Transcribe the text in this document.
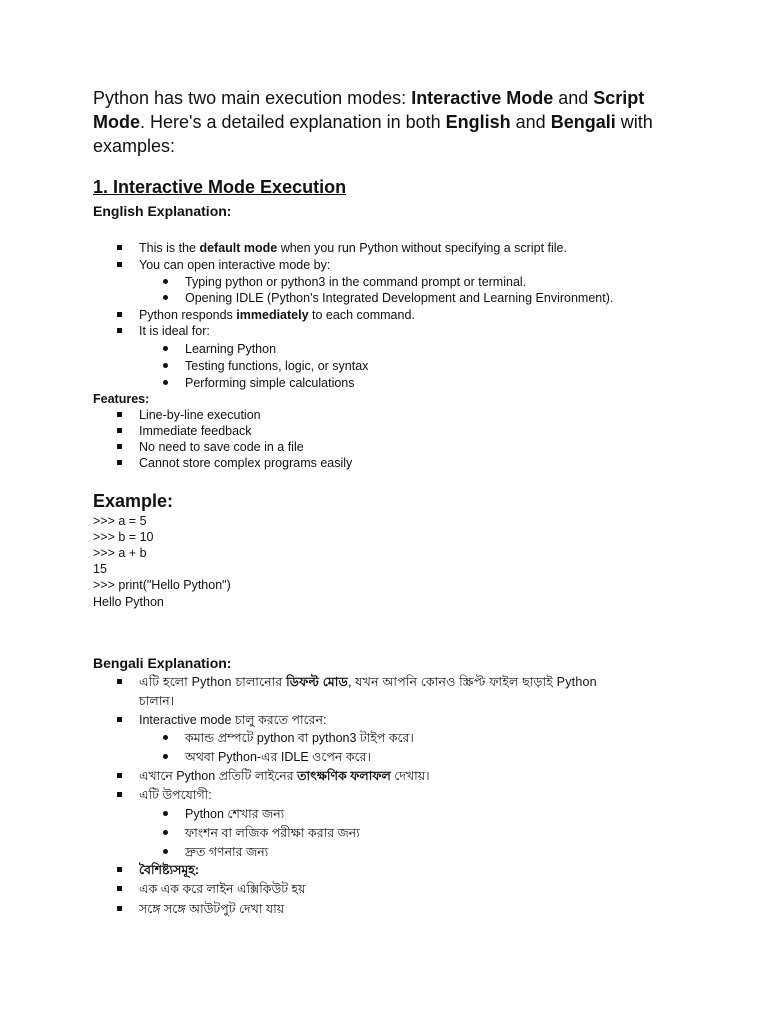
Python has two main execution modes: Interactive Mode and Script Mode. Here's a detailed explanation in both English and Bengali with examples:
1. Interactive Mode Execution
English Explanation:
This is the default mode when you run Python without specifying a script file.
You can open interactive mode by:
Typing python or python3 in the command prompt or terminal.
Opening IDLE (Python's Integrated Development and Learning Environment).
Python responds immediately to each command.
It is ideal for:
Learning Python
Testing functions, logic, or syntax
Performing simple calculations
Features:
Line-by-line execution
Immediate feedback
No need to save code in a file
Cannot store complex programs easily
Example:
>>> a = 5
>>> b = 10
>>> a + b
15
>>> print("Hello Python")
Hello Python
Bengali Explanation:
এটি হলো Python চালানোর ডিফল্ট মোড, যখন আপনি কোনও স্ক্রিপ্ট ফাইল ছাড়াই Python
চালান।
Interactive mode চালু করতে পারেন:
কমান্ড প্রম্পটে python বা python3 টাইপ করে।
অথবা Python-এর IDLE ওপেন করে।
এখানে Python প্রতিটি লাইনের তাৎক্ষণিক ফলাফল দেখায়।
এটি উপযোগী:
Python শেখার জন্য
ফাংশন বা লজিক পরীক্ষা করার জন্য
দ্রুত গণনার জন্য
বৈশিষ্ট্যসমূহ:
এক এক করে লাইন এক্সিকিউট হয়
সঙ্গে সঙ্গে আউটপুট দেখা যায়
